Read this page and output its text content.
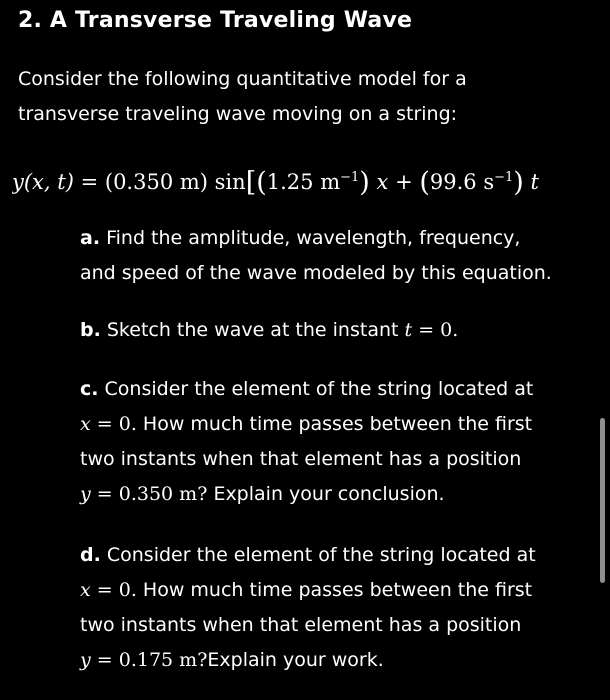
2. A Transverse Traveling Wave
Consider the following quantitative model for a
transverse traveling wave moving on a string:
y(x, t) = (0.350 m) sin[(1.25 $m^{-1}$) x + (99.6 $s^{-1}$) t
a. Find the amplitude, wavelength, frequency,
and speed of the wave modeled by this equation.
b. Sketch the wave at the instant t = 0.
c. Consider the element of the string located at
x = 0. How much time passes between the first
two instants when that element has a position
y = 0.350 m? Explain your conclusion.
d. Consider the element of the string located at
x = 0. How much time passes between the first
two instants when that element has a position
y = 0.175 m?Explain your work.
